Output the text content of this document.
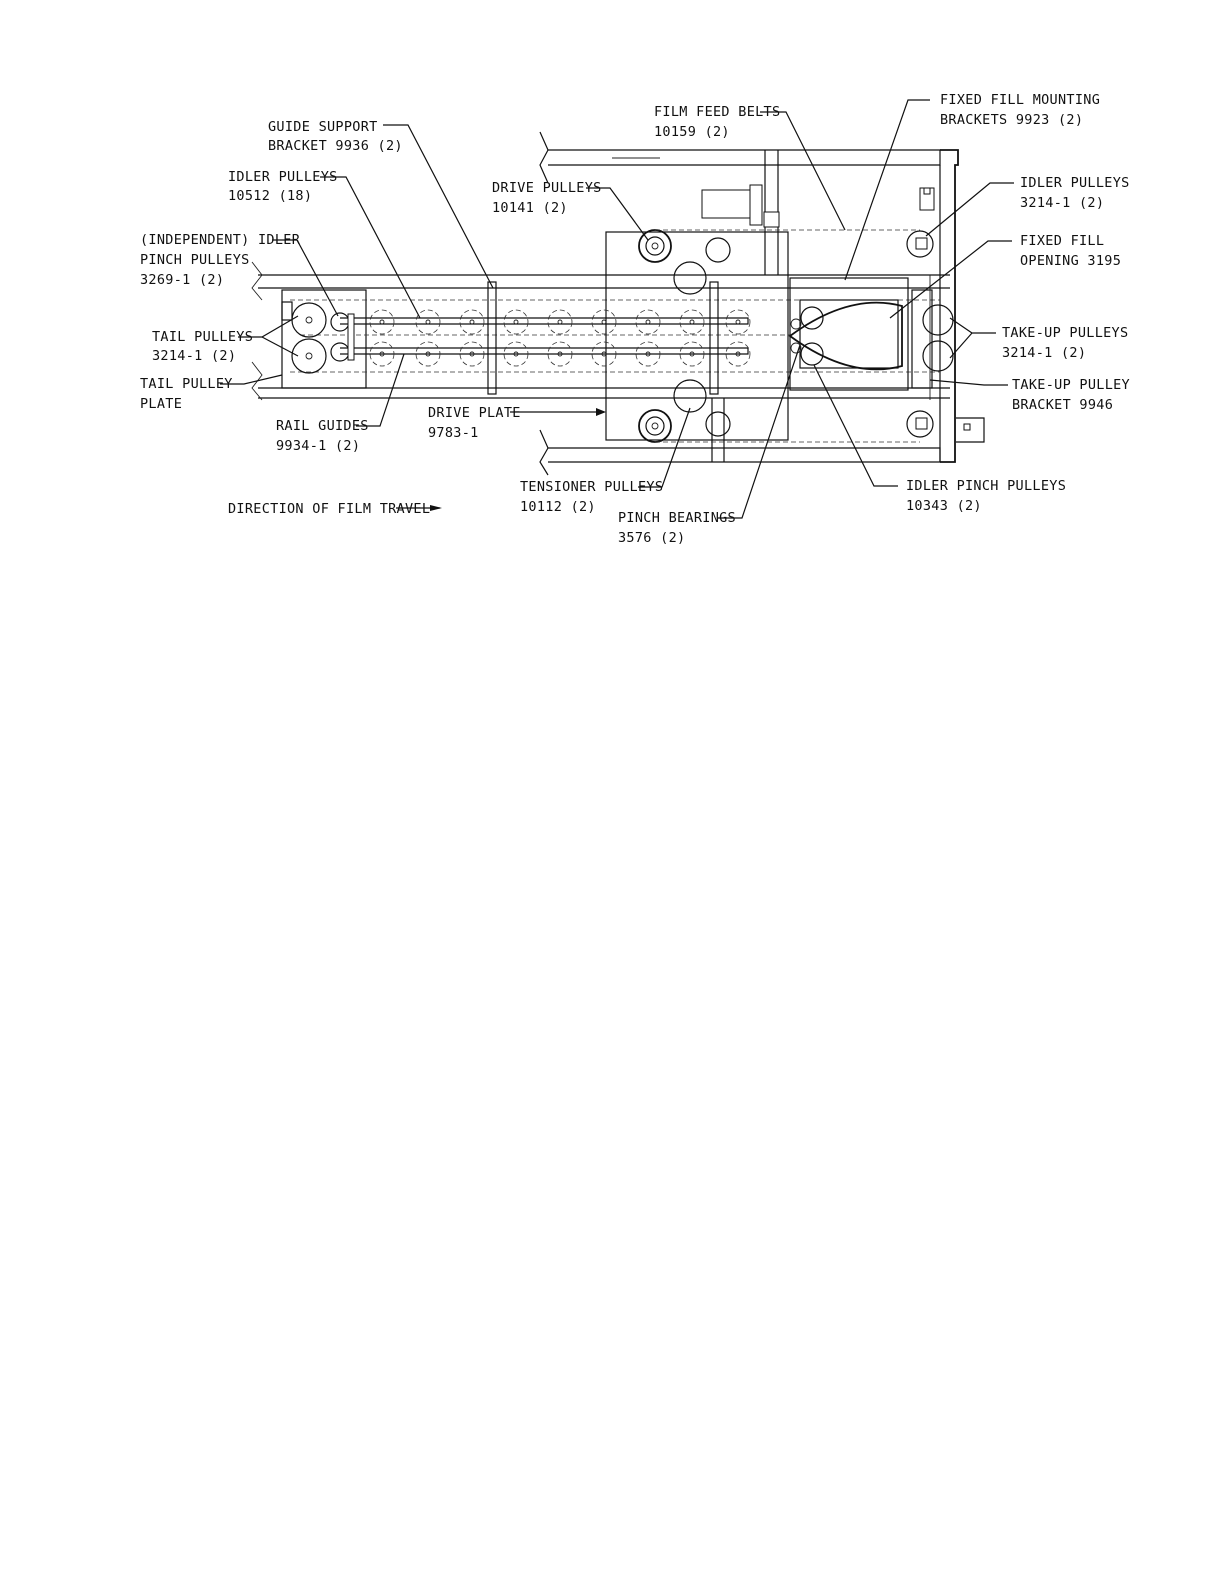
GUIDE SUPPORT BRACKET 9936 (2)
IDLER PULLEYS 10512 (18)
(INDEPENDENT) IDLER PINCH PULLEYS 3269-1 (2)
TAIL PULLEYS 3214-1 (2)
TAIL PULLEY PLATE
RAIL GUIDES 9934-1 (2)
DRIVE PLATE 9783-1
DIRECTION OF FILM TRAVEL
DRIVE PULLEYS 10141 (2)
FILM FEED BELTS 10159 (2)
FIXED FILL MOUNTING BRACKETS 9923 (2)
IDLER PULLEYS 3214-1 (2)
FIXED FILL OPENING 3195
TAKE-UP PULLEYS 3214-1 (2)
TAKE-UP PULLEY BRACKET 9946
TENSIONER PULLEYS 10112 (2)
PINCH BEARINGS 3576 (2)
IDLER PINCH PULLEYS 10343 (2)
